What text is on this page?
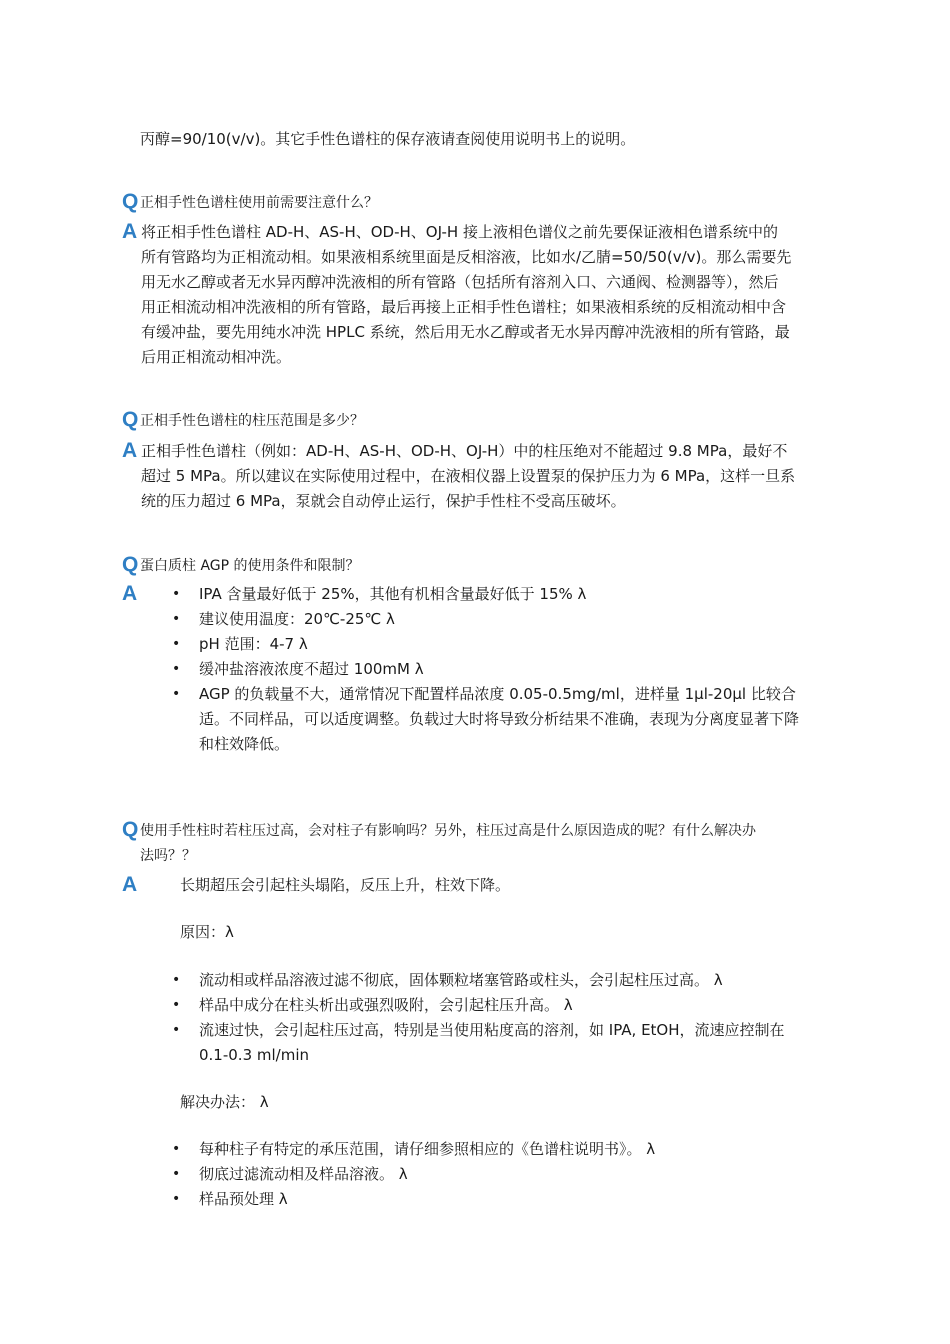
丙醇=90/10(v/v)。其它手性色谱柱的保存液请查阅使用说明书上的说明。
Q 正相手性色谱柱使用前需要注意什么？
A 将正相手性色谱柱 AD-H、AS-H、OD-H、OJ-H 接上液相色谱仪之前先要保证液相色谱系统中的
所有管路均为正相流动相。如果液相系统里面是反相溶液，比如水/乙腈=50/50(v/v)。那么需要先
用无水乙醇或者无水异丙醇冲洗液相的所有管路（包括所有溶剂入口、六通阀、检测器等），然后
用正相流动相冲洗液相的所有管路，最后再接上正相手性色谱柱；如果液相系统的反相流动相中含
有缓冲盐，要先用纯水冲洗 HPLC 系统，然后用无水乙醇或者无水异丙醇冲洗液相的所有管路，最
后用正相流动相冲洗。
Q 正相手性色谱柱的柱压范围是多少？
A 正相手性色谱柱（例如：AD-H、AS-H、OD-H、OJ-H）中的柱压绝对不能超过 9.8 MPa，最好不
超过 5 MPa。所以建议在实际使用过程中，在液相仪器上设置泵的保护压力为 6 MPa，这样一旦系
统的压力超过 6 MPa，泵就会自动停止运行，保护手性柱不受高压破坏。
Q 蛋白质柱 AGP 的使用条件和限制？
A • IPA 含量最好低于 25%，其他有机相含量最好低于 15% λ
• 建议使用温度：20℃-25℃ λ
• pH 范围：4-7 λ
• 缓冲盐溶液浓度不超过 100mM λ
• AGP 的负载量不大，通常情况下配置样品浓度 0.05-0.5mg/ml，进样量 1μl-20μl 比较合
适。不同样品，可以适度调整。负载过大时将导致分析结果不准确，表现为分离度显著下降
和柱效降低。
Q 使用手性柱时若柱压过高，会对柱子有影响吗？另外，柱压过高是什么原因造成的呢？有什么解决办
法吗？？
A	长期超压会引起柱头塌陷，反压上升，柱效下降。
原因：λ
• 流动相或样品溶液过滤不彻底，固体颗粒堵塞管路或柱头，会引起柱压过高。 λ
• 样品中成分在柱头析出或强烈吸附，会引起柱压升高。 λ
• 流速过快，会引起柱压过高，特别是当使用粘度高的溶剂，如 IPA, EtOH，流速应控制在
0.1-0.3 ml/min
解决办法： λ
• 每种柱子有特定的承压范围，请仔细参照相应的《色谱柱说明书》。 λ
• 彻底过滤流动相及样品溶液。 λ
• 样品预处理 λ
